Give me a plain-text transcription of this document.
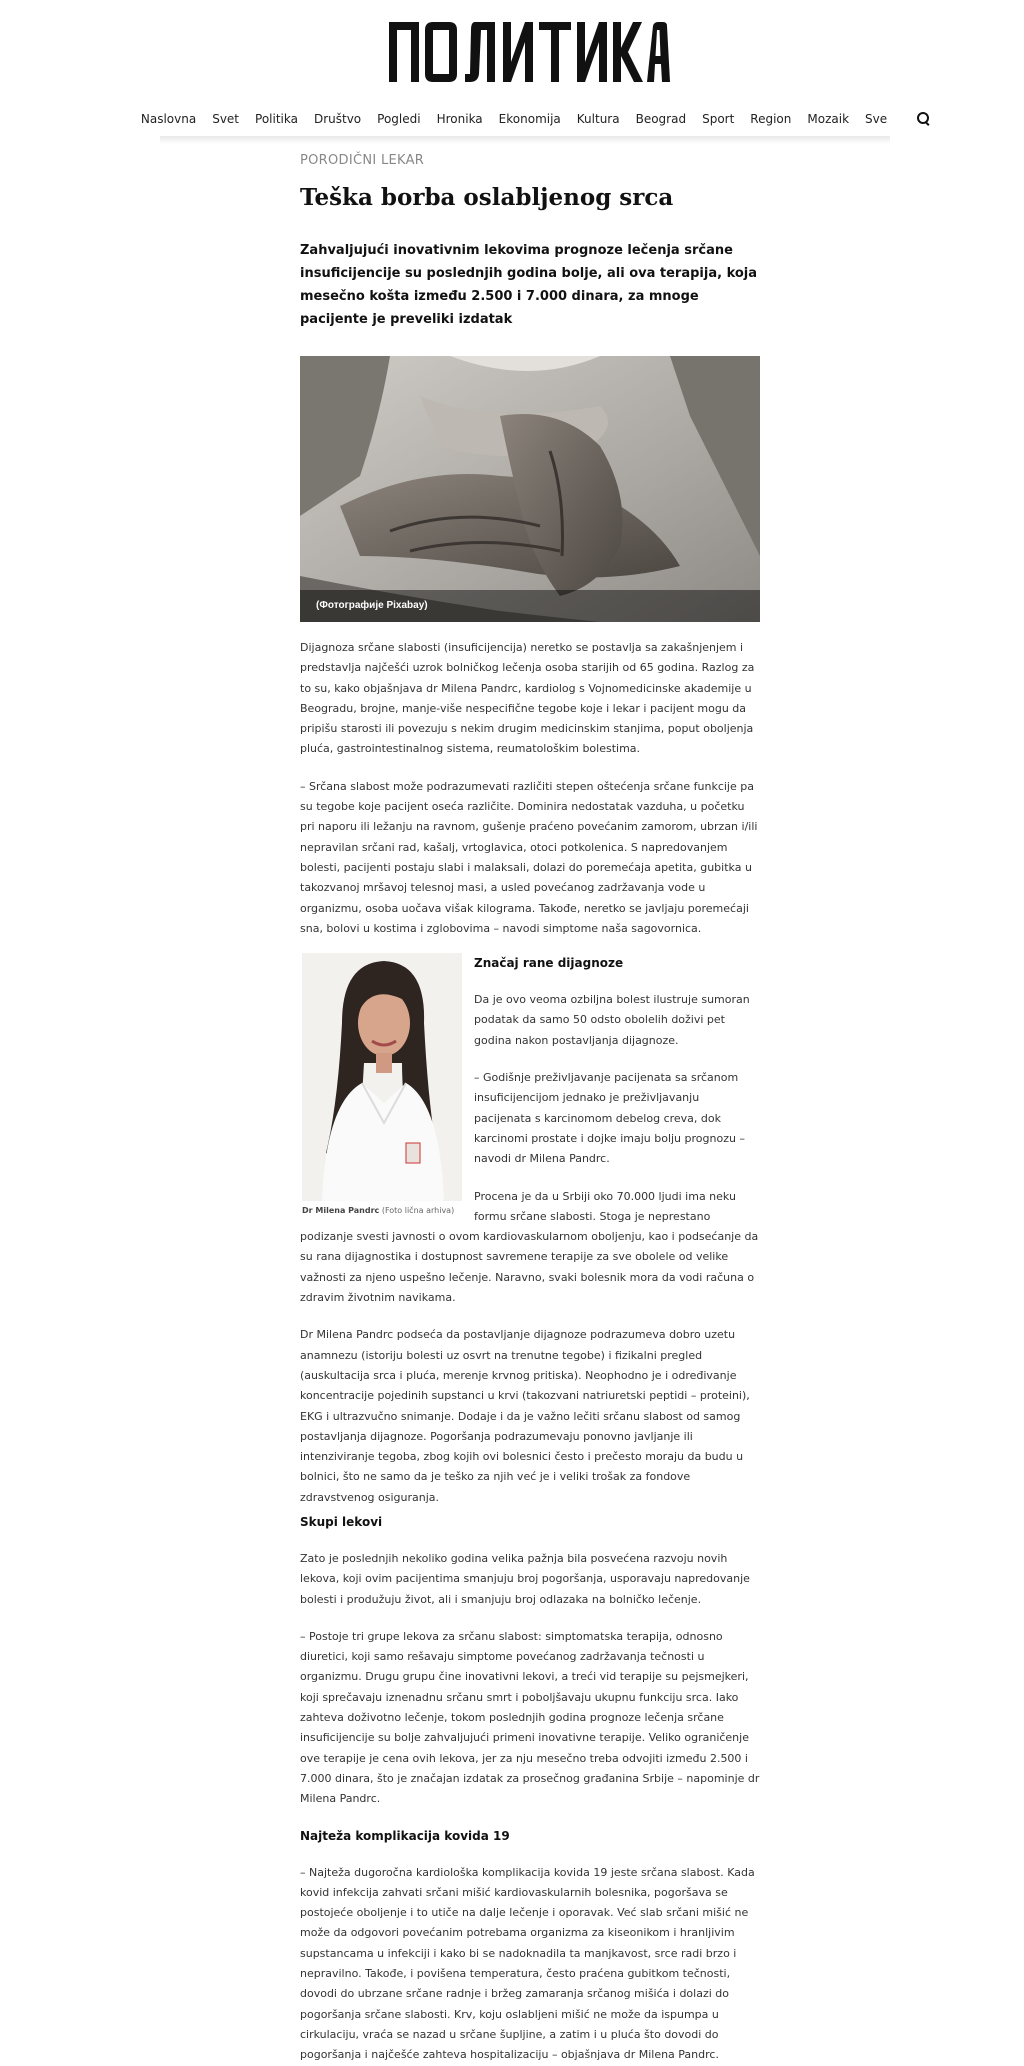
Naslovna	Svet	Politika	Društvo	Pogledi	Hronika	Ekonomija	Kultura	Beograd	Sport	Region	Mozaik	Sve
PORODIČNI LEKAR
Teška borba oslabljenog srca

Zahvaljujući inovativnim lekovima prognoze lečenja srčane insuficijencije su poslednjih godina bolje, ali ova terapija, koja mesečno košta između 2.500 i 7.000 dinara, za mnoge pacijente je preveliki izdatak

(Фотографије Pixabay)

Dijagnoza srčane slabosti (insuficijencija) neretko se postavlja sa zakašnjenjem i predstavlja najčešći uzrok bolničkog lečenja osoba starijih od 65 godina. Razlog za to su, kako objašnjava dr Milena Pandrc, kardiolog s Vojnomedicinske akademije u Beogradu, brojne, manje-više nespecifične tegobe koje i lekar i pacijent mogu da pripišu starosti ili povezuju s nekim drugim medicinskim stanjima, poput oboljenja pluća, gastrointestinalnog sistema, reumatološkim bolestima.

– Srčana slabost može podrazumevati različiti stepen oštećenja srčane funkcije pa su tegobe koje pacijent oseća različite. Dominira nedostatak vazduha, u početku pri naporu ili ležanju na ravnom, gušenje praćeno povećanim zamorom, ubrzan i/ili nepravilan srčani rad, kašalj, vrtoglavica, otoci potkolenica. S napredovanjem bolesti, pacijenti postaju slabi i malaksali, dolazi do poremećaja apetita, gubitka u takozvanoj mršavoj telesnoj masi, a usled povećanog zadržavanja vode u organizmu, osoba uočava višak kilograma. Takođe, neretko se javljaju poremećaji sna, bolovi u kostima i zglobovima – navodi simptome naša sagovornica.

Dr Milena Pandrc (Foto lična arhiva)
Značaj rane dijagnoze

Da je ovo veoma ozbiljna bolest ilustruje sumoran podatak da samo 50 odsto obolelih doživi pet godina nakon postavljanja dijagnoze.

– Godišnje preživljavanje pacijenata sa srčanom insuficijencijom jednako je preživljavanju pacijenata s karcinomom debelog creva, dok karcinomi prostate i dojke imaju bolju prognozu – navodi dr Milena Pandrc.

Procena je da u Srbiji oko 70.000 ljudi ima neku formu srčane slabosti. Stoga je neprestano podizanje svesti javnosti o ovom kardiovaskularnom oboljenju, kao i podsećanje da su rana dijagnostika i dostupnost savremene terapije za sve obolele od velike važnosti za njeno uspešno lečenje. Naravno, svaki bolesnik mora da vodi računa o zdravim životnim navikama.

Dr Milena Pandrc podseća da postavljanje dijagnoze podrazumeva dobro uzetu anamnezu (istoriju bolesti uz osvrt na trenutne tegobe) i fizikalni pregled (auskultacija srca i pluća, merenje krvnog pritiska). Neophodno je i određivanje koncentracije pojedinih supstanci u krvi (takozvani natriuretski peptidi – proteini), EKG i ultrazvučno snimanje. Dodaje i da je važno lečiti srčanu slabost od samog postavljanja dijagnoze. Pogoršanja podrazumevaju ponovno javljanje ili intenziviranje tegoba, zbog kojih ovi bolesnici često i prečesto moraju da budu u bolnici, što ne samo da je teško za njih već je i veliki trošak za fondove zdravstvenog osiguranja.

Skupi lekovi

Zato je poslednjih nekoliko godina velika pažnja bila posvećena razvoju novih lekova, koji ovim pacijentima smanjuju broj pogoršanja, usporavaju napredovanje bolesti i produžuju život, ali i smanjuju broj odlazaka na bolničko lečenje.

– Postoje tri grupe lekova za srčanu slabost: simptomatska terapija, odnosno diuretici, koji samo rešavaju simptome povećanog zadržavanja tečnosti u organizmu. Drugu grupu čine inovativni lekovi, a treći vid terapije su pejsmejkeri, koji sprečavaju iznenadnu srčanu smrt i poboljšavaju ukupnu funkciju srca. Iako zahteva doživotno lečenje, tokom poslednjih godina prognoze lečenja srčane insuficijencije su bolje zahvaljujući primeni inovativne terapije. Veliko ograničenje ove terapije je cena ovih lekova, jer za nju mesečno treba odvojiti između 2.500 i 7.000 dinara, što je značajan izdatak za prosečnog građanina Srbije – napominje dr Milena Pandrc.

Najteža komplikacija kovida 19

– Najteža dugoročna kardiološka komplikacija kovida 19 jeste srčana slabost. Kada kovid infekcija zahvati srčani mišić kardiovaskularnih bolesnika, pogoršava se postojeće oboljenje i to utiče na dalje lečenje i oporavak. Već slab srčani mišić ne može da odgovori povećanim potrebama organizma za kiseonikom i hranljivim supstancama u infekciji i kako bi se nadoknadila ta manjkavost, srce radi brzo i nepravilno. Takođe, i povišena temperatura, često praćena gubitkom tečnosti, dovodi do ubrzane srčane radnje i bržeg zamaranja srčanog mišića i dolazi do pogoršanja srčane slabosti. Krv, koju oslabljeni mišić ne može da ispumpa u cirkulaciju, vraća se nazad u srčane šupljine, a zatim i u pluća što dovodi do pogoršanja i najčešće zahteva hospitalizaciju – objašnjava dr Milena Pandrc.
